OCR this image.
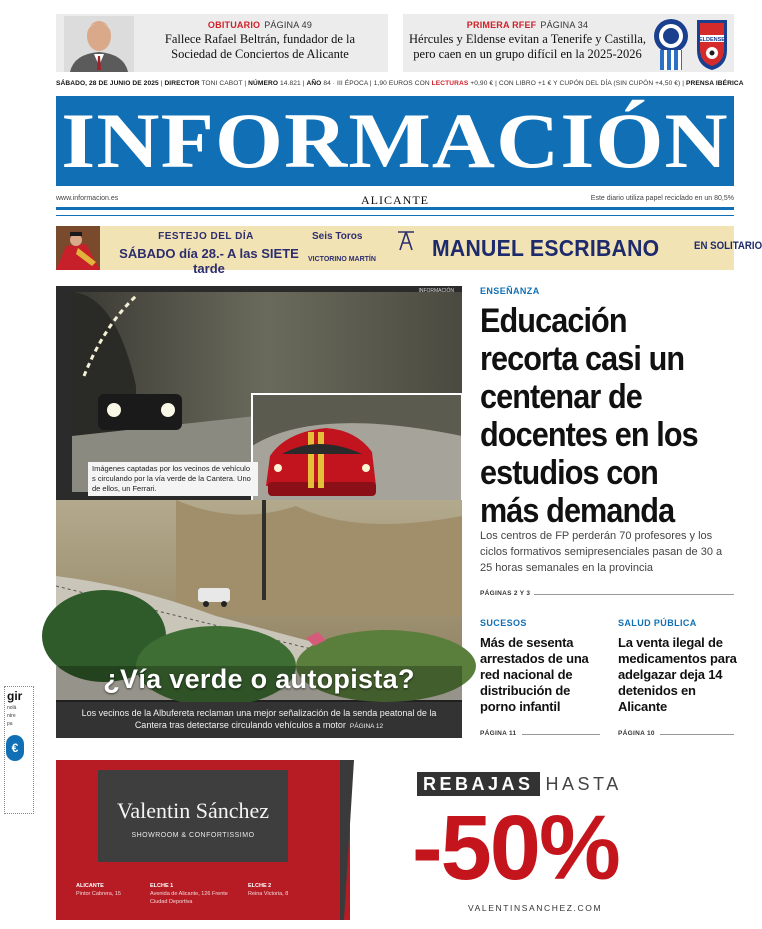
OBITUARIO PÁGINA 49
Fallece Rafael Beltrán, fundador de la Sociedad de Conciertos de Alicante
PRIMERA RFEF PÁGINA 34
Hércules y Eldense evitan a Tenerife y Castilla, pero caen en un grupo difícil en la 2025-2026
ELDENSE
SÁBADO, 28 DE JUNIO DE 2025 | DIRECTOR TONI CABOT | NÚMERO 14.821 | AÑO 84 · III ÉPOCA | 1,90 EUROS CON LECTURAS +0,90 € | CON LIBRO +1 € Y CUPÓN DEL DÍA (SIN CUPÓN +4,50 €) | PRENSA IBÉRICA
INFORMACIÓN
www.informacion.es	ALICANTE	Este diario utiliza papel reciclado en un 80,5%
FESTEJO DEL DÍA
SÁBADO día 28.- A las SIETE tarde
Seis Toros
VICTORINO MARTÍN MANUEL ESCRIBANO	EN SOLITARIO
INFORMACIÓN
Imágenes captadas por los vecinos de vehículo s circulando por la vía verde de la Cantera. Uno de ellos, un Ferrari.
¿Vía verde o autopista?
Los vecinos de la Albufereta reclaman una mejor señalización de la senda peatonal de la Cantera tras detectarse circulando vehículos a motor PÁGINA 12
ENSEÑANZA
Educación recorta casi un centenar de docentes en los estudios con más demanda
Los centros de FP perderán 70 profesores y los ciclos formativos semipresenciales pasan de 30 a 25 horas semanales en la provincia
PÁGINAS 2 Y 3
SUCESOS
Más de sesenta arrestados de una red nacional de distribución de porno infantil
PÁGINA 11
SALUD PÚBLICA
La venta ilegal de medicamentos para adelgazar deja 14 detenidos en Alicante
PÁGINA 10
gir
nolà
ntre
pa
€
Valentin Sánchez
SHOWROOM & CONFORTISSIMO
ALICANTE
Pintor Cabrera, 15
ELCHE 1
Avenida de Alicante, 126 Frente Ciudad Deportiva
ELCHE 2
Reina Victoria, 8
REBAJAS HASTA
-50%
VALENTINSANCHEZ.COM
